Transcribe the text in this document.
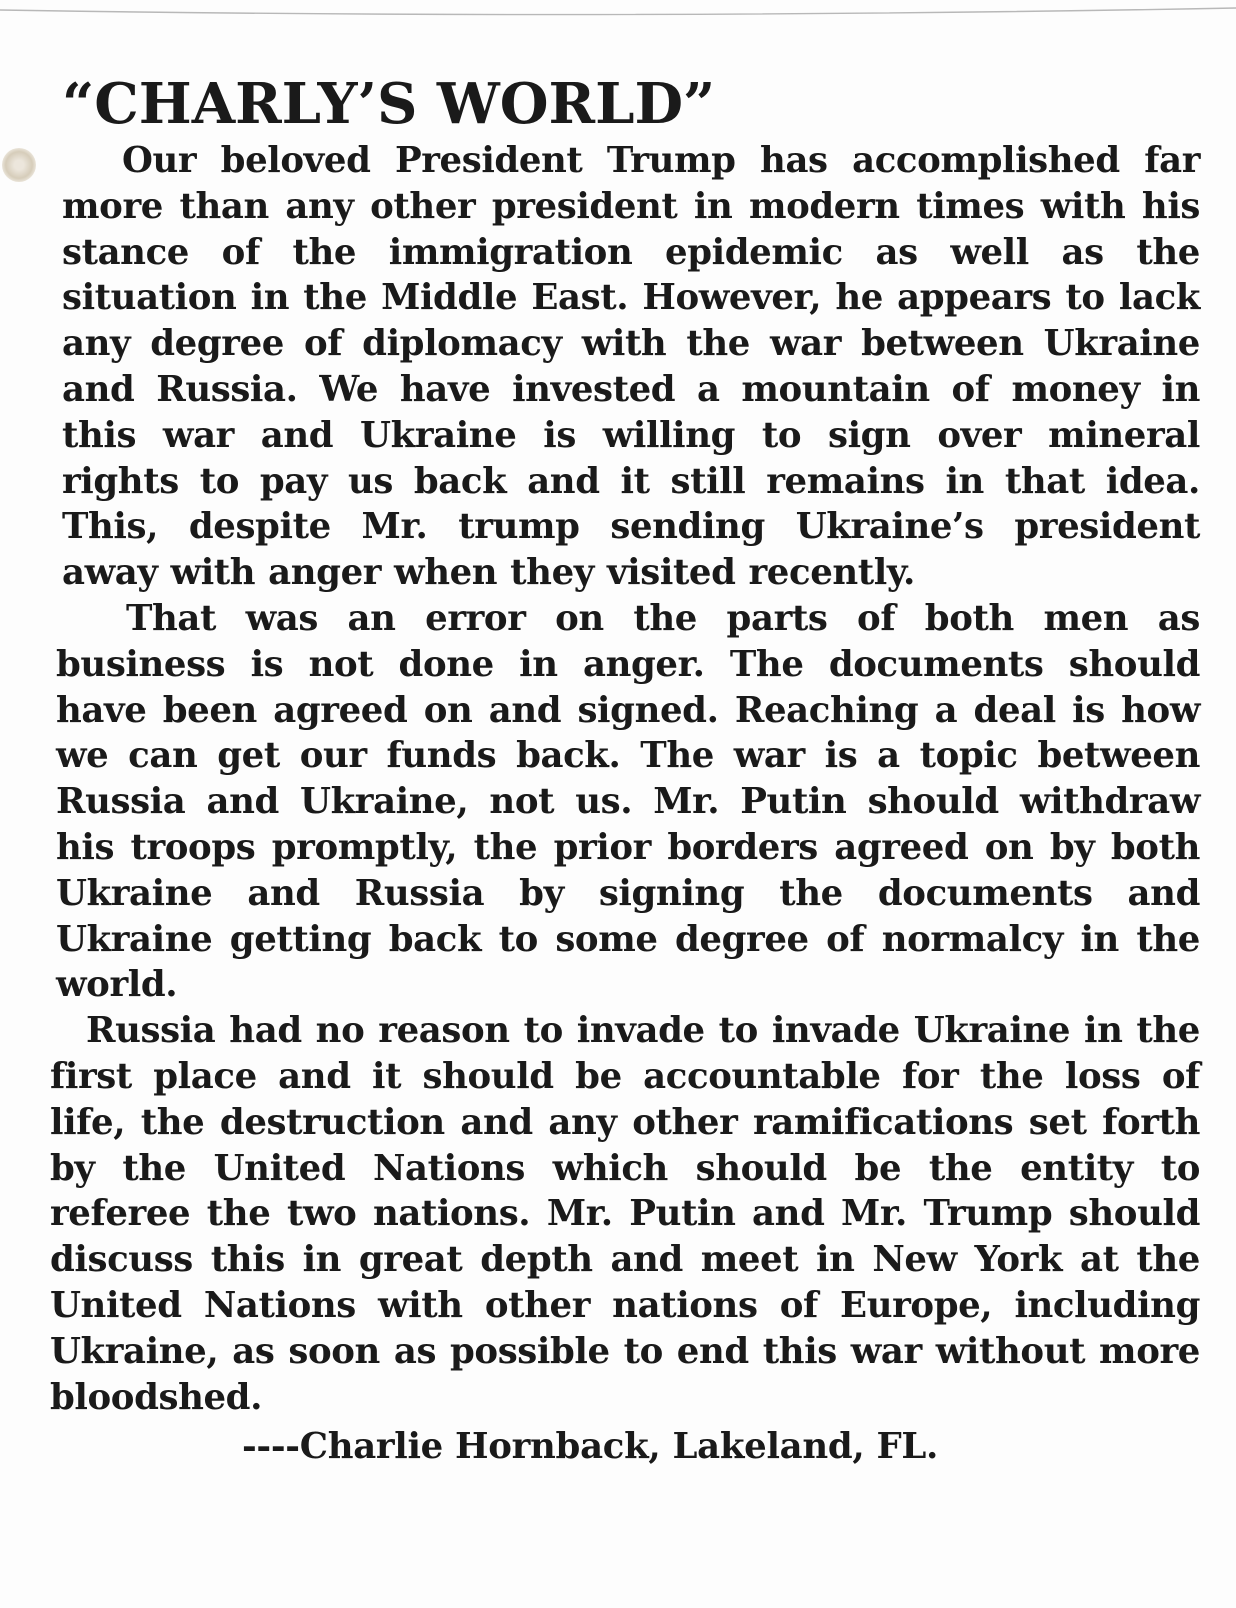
“CHARLY’S WORLD”

Our beloved President Trump has accomplished far more than any other president in modern times with his stance of the immigration epidemic as well as the situation in the Middle East. However, he appears to lack any degree of diplomacy with the war between Ukraine and Russia. We have invested a mountain of money in this war and Ukraine is willing to sign over mineral rights to pay us back and it still remains in that idea. This, despite Mr. trump sending Ukraine’s president away with anger when they visited recently.

That was an error on the parts of both men as business is not done in anger. The documents should have been agreed on and signed. Reaching a deal is how we can get our funds back. The war is a topic between Russia and Ukraine, not us. Mr. Putin should withdraw his troops promptly, the prior borders agreed on by both Ukraine and Russia by signing the documents and Ukraine getting back to some degree of normalcy in the world.

Russia had no reason to invade to invade Ukraine in the first place and it should be accountable for the loss of life, the destruction and any other ramifications set forth by the United Nations which should be the entity to referee the two nations. Mr. Putin and Mr. Trump should discuss this in great depth and meet in New York at the United Nations with other nations of Europe, including Ukraine, as soon as possible to end this war without more bloodshed.

----Charlie Hornback, Lakeland, FL.
